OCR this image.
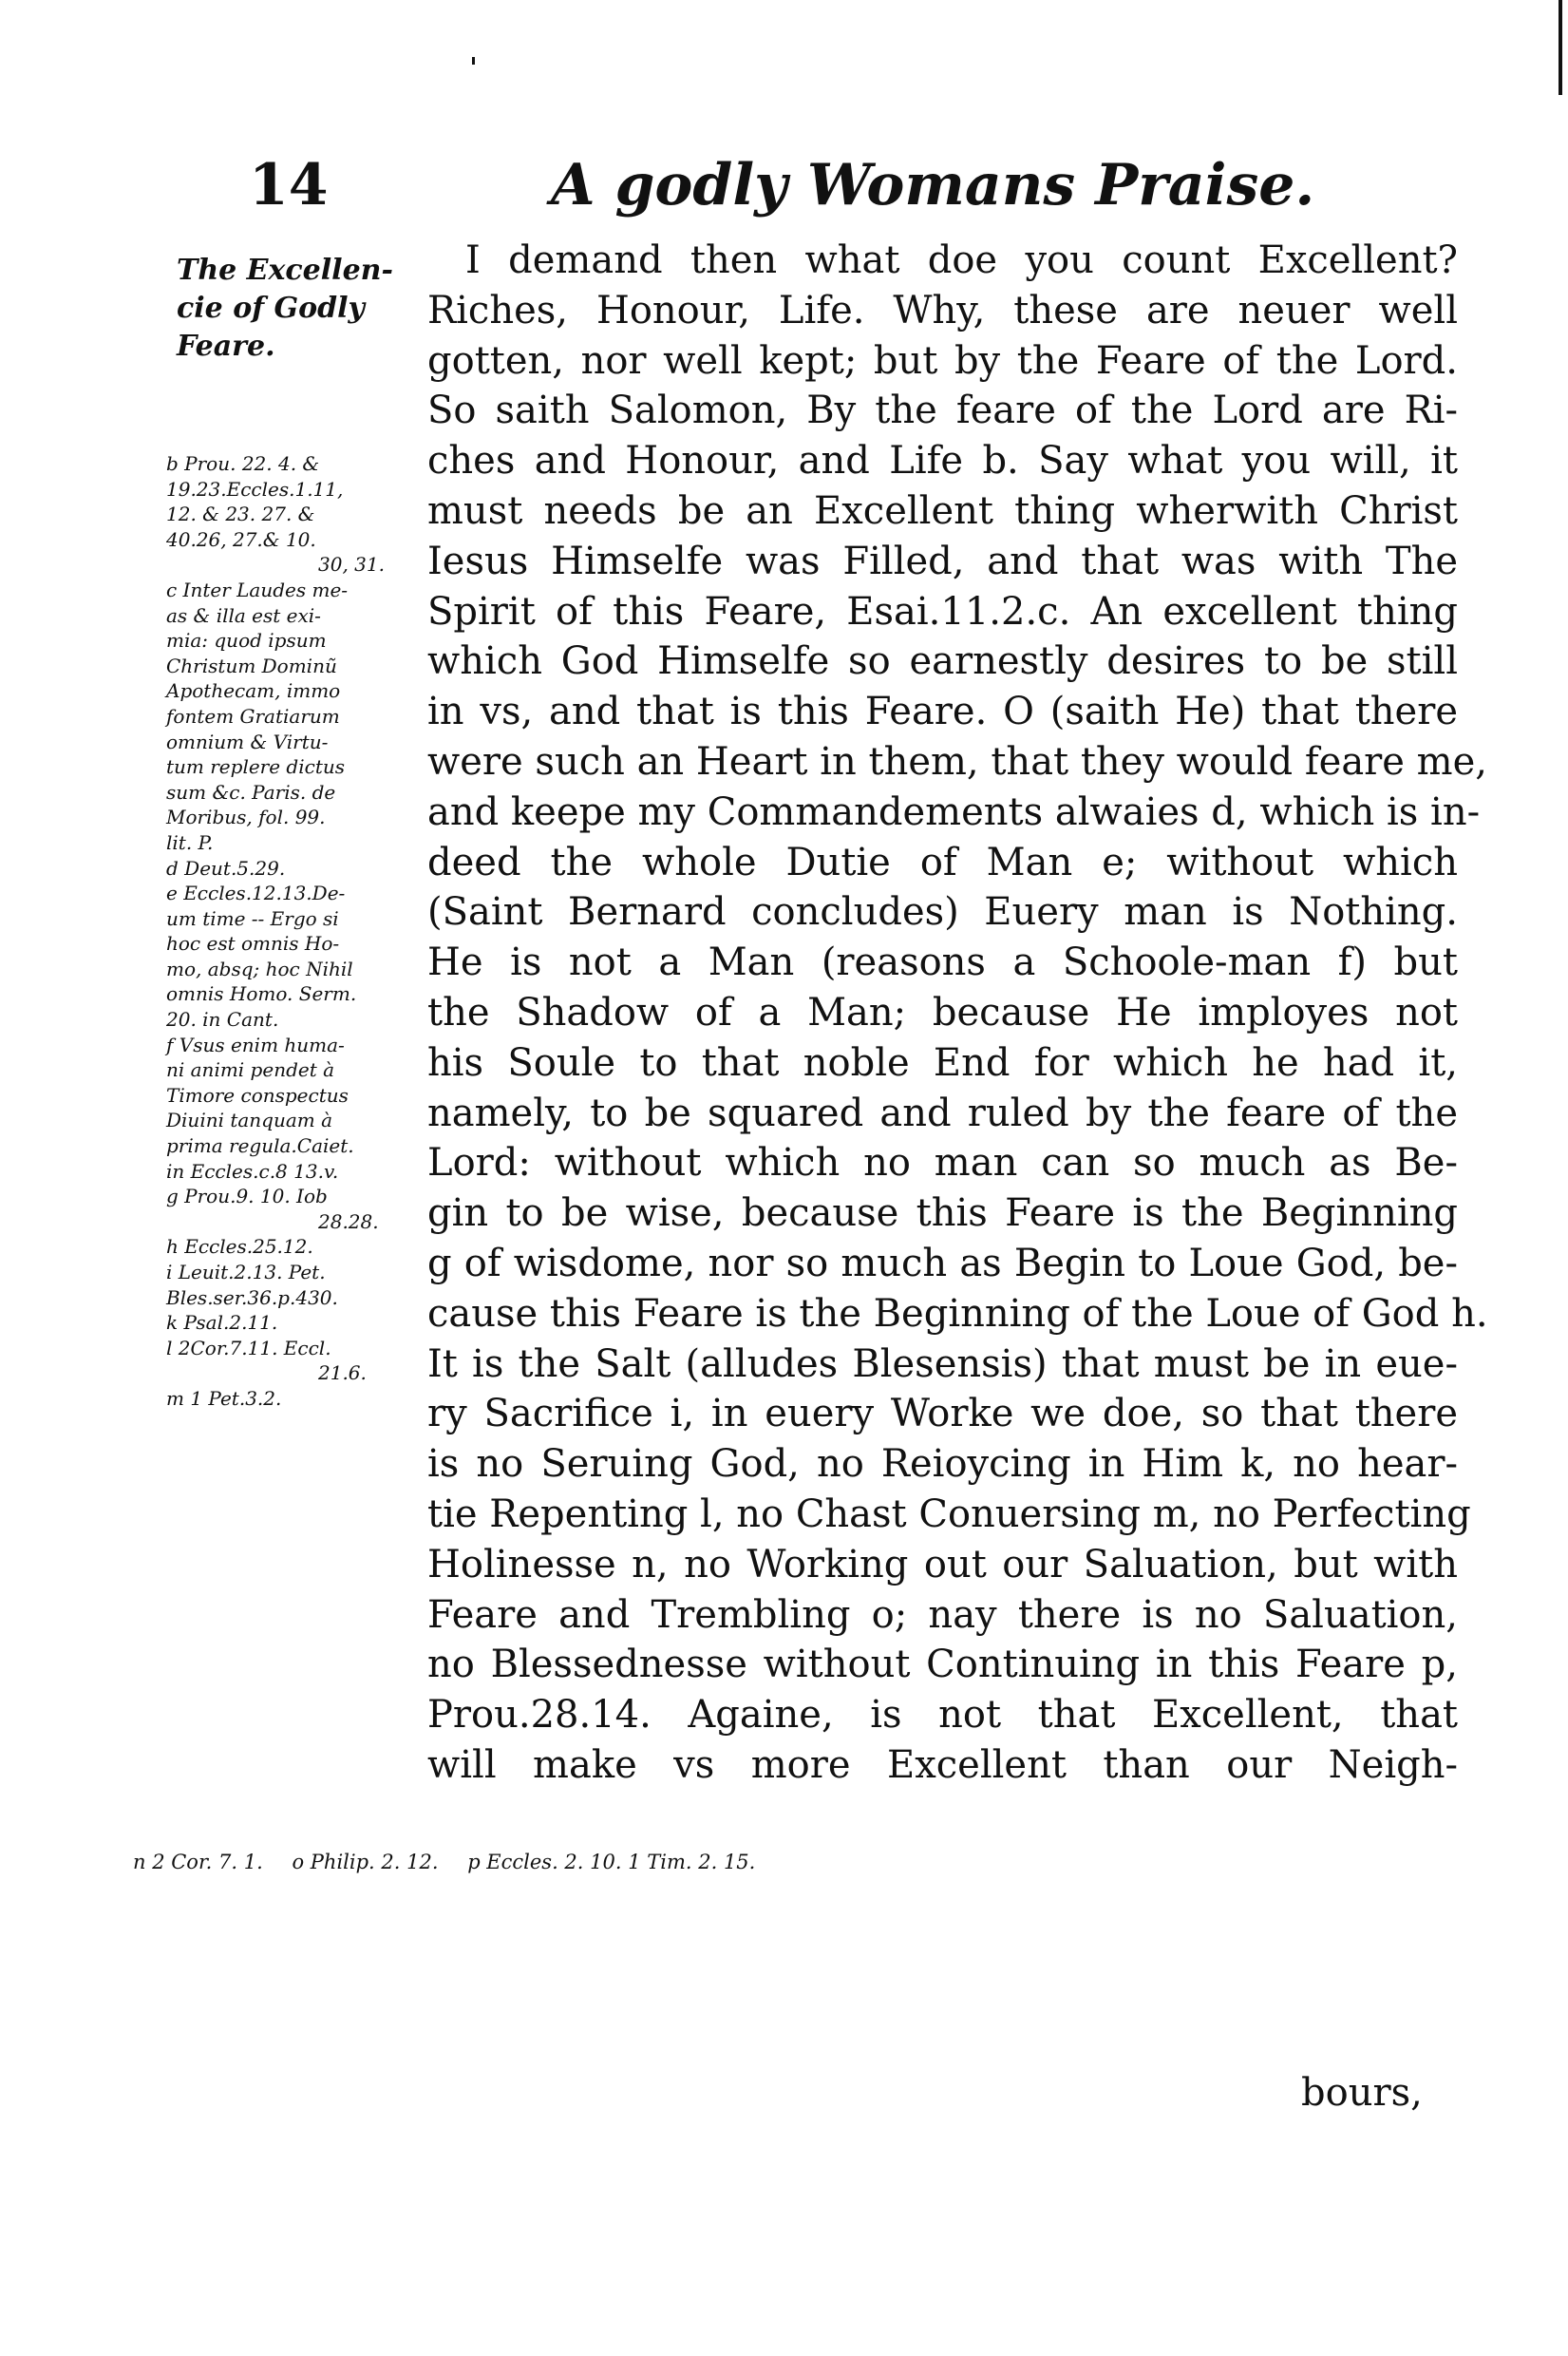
14	A godly Womans Praise.
The Excellen-
cie of Godly
Feare.
b Prou. 22. 4. &
19.23.Eccles.1.11,
12. & 23. 27. &
40.26, 27.& 10.
30, 31.
c Inter Laudes me-
as & illa est exi-
mia: quod ipsum
Christum Dominũ
Apothecam, immo
fontem Gratiarum
omnium & Virtu-
tum replere dictus
sum &c. Paris. de
Moribus, fol. 99.
lit. P.
d Deut.5.29.
e Eccles.12.13.De-
um time -- Ergo si
hoc est omnis Ho-
mo, absq; hoc Nihil
omnis Homo. Serm.
20. in Cant.
f Vsus enim huma-
ni animi pendet à
Timore conspectus
Diuini tanquam à
prima regula.Caiet.
in Eccles.c.8 13.v.
g Prou.9. 10. Iob
28.28.
h Eccles.25.12.
i Leuit.2.13. Pet.
Bles.ser.36.p.430.
k Psal.2.11.
l 2Cor.7.11. Eccl.
21.6.
m 1 Pet.3.2.
I demand then what doe you count Excellent?
Riches, Honour, Life. Why, these are neuer well
gotten, nor well kept; but by the Feare of the Lord.
So saith Salomon, By the feare of the Lord are Ri-
ches and Honour, and Life b. Say what you will, it
must needs be an Excellent thing wherwith Christ
Iesus Himselfe was Filled, and that was with The
Spirit of this Feare, Esai.11.2.c. An excellent thing
which God Himselfe so earnestly desires to be still
in vs, and that is this Feare. O (saith He) that there
were such an Heart in them, that they would feare me,
and keepe my Commandements alwaies d, which is in-
deed the whole Dutie of Man e; without which
(Saint Bernard concludes) Euery man is Nothing.
He is not a Man (reasons a Schoole-man f) but
the Shadow of a Man; because He imployes not
his Soule to that noble End for which he had it,
namely, to be squared and ruled by the feare of the
Lord: without which no man can so much as Be-
gin to be wise, because this Feare is the Beginning
g of wisdome, nor so much as Begin to Loue God, be-
cause this Feare is the Beginning of the Loue of God h.
It is the Salt (alludes Blesensis) that must be in eue-
ry Sacrifice i, in euery Worke we doe, so that there
is no Seruing God, no Reioycing in Him k, no hear-
tie Repenting l, no Chast Conuersing m, no Perfecting
Holinesse n, no Working out our Saluation, but with
Feare and Trembling o; nay there is no Saluation,
no Blessednesse without Continuing in this Feare p,
Prou.28.14. Againe, is not that Excellent, that
will make vs more Excellent than our Neigh-
n 2 Cor. 7. 1. o Philip. 2. 12. p Eccles. 2. 10. 1 Tim. 2. 15.
bours,
